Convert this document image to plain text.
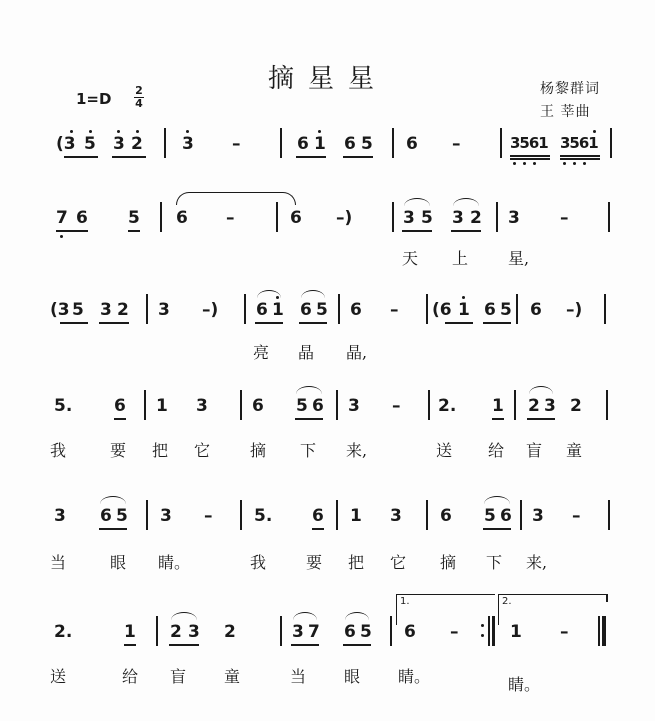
摘星星	杨黎群词
王 莘曲
1=D 2
4
(3 5 3 2 3 –	6 1 6 5 6 –	3561 3561
7 6 5 6 –	6 –)	3 5 3 2 3 –
天 上 星,
(3 5 3 2 3 –) 6 1 6 5 6 – (6 1 6 5 6 –)
亮 晶 晶,
5. 6 1 3	6 5 6 3 – 2. 1 2 3 2
我	要 把 它 摘 下 来,	送 给 盲 童
3 6 5 3 – 5. 6 1 3 6 5 6 3 –
当	眼 睛。	我 要 把 它 摘 下 来,
1.	2.
2.	1 2 3 2	3 7 6 5 6 –	1 –
送	给 盲 童	当 眼 睛。	睛。
